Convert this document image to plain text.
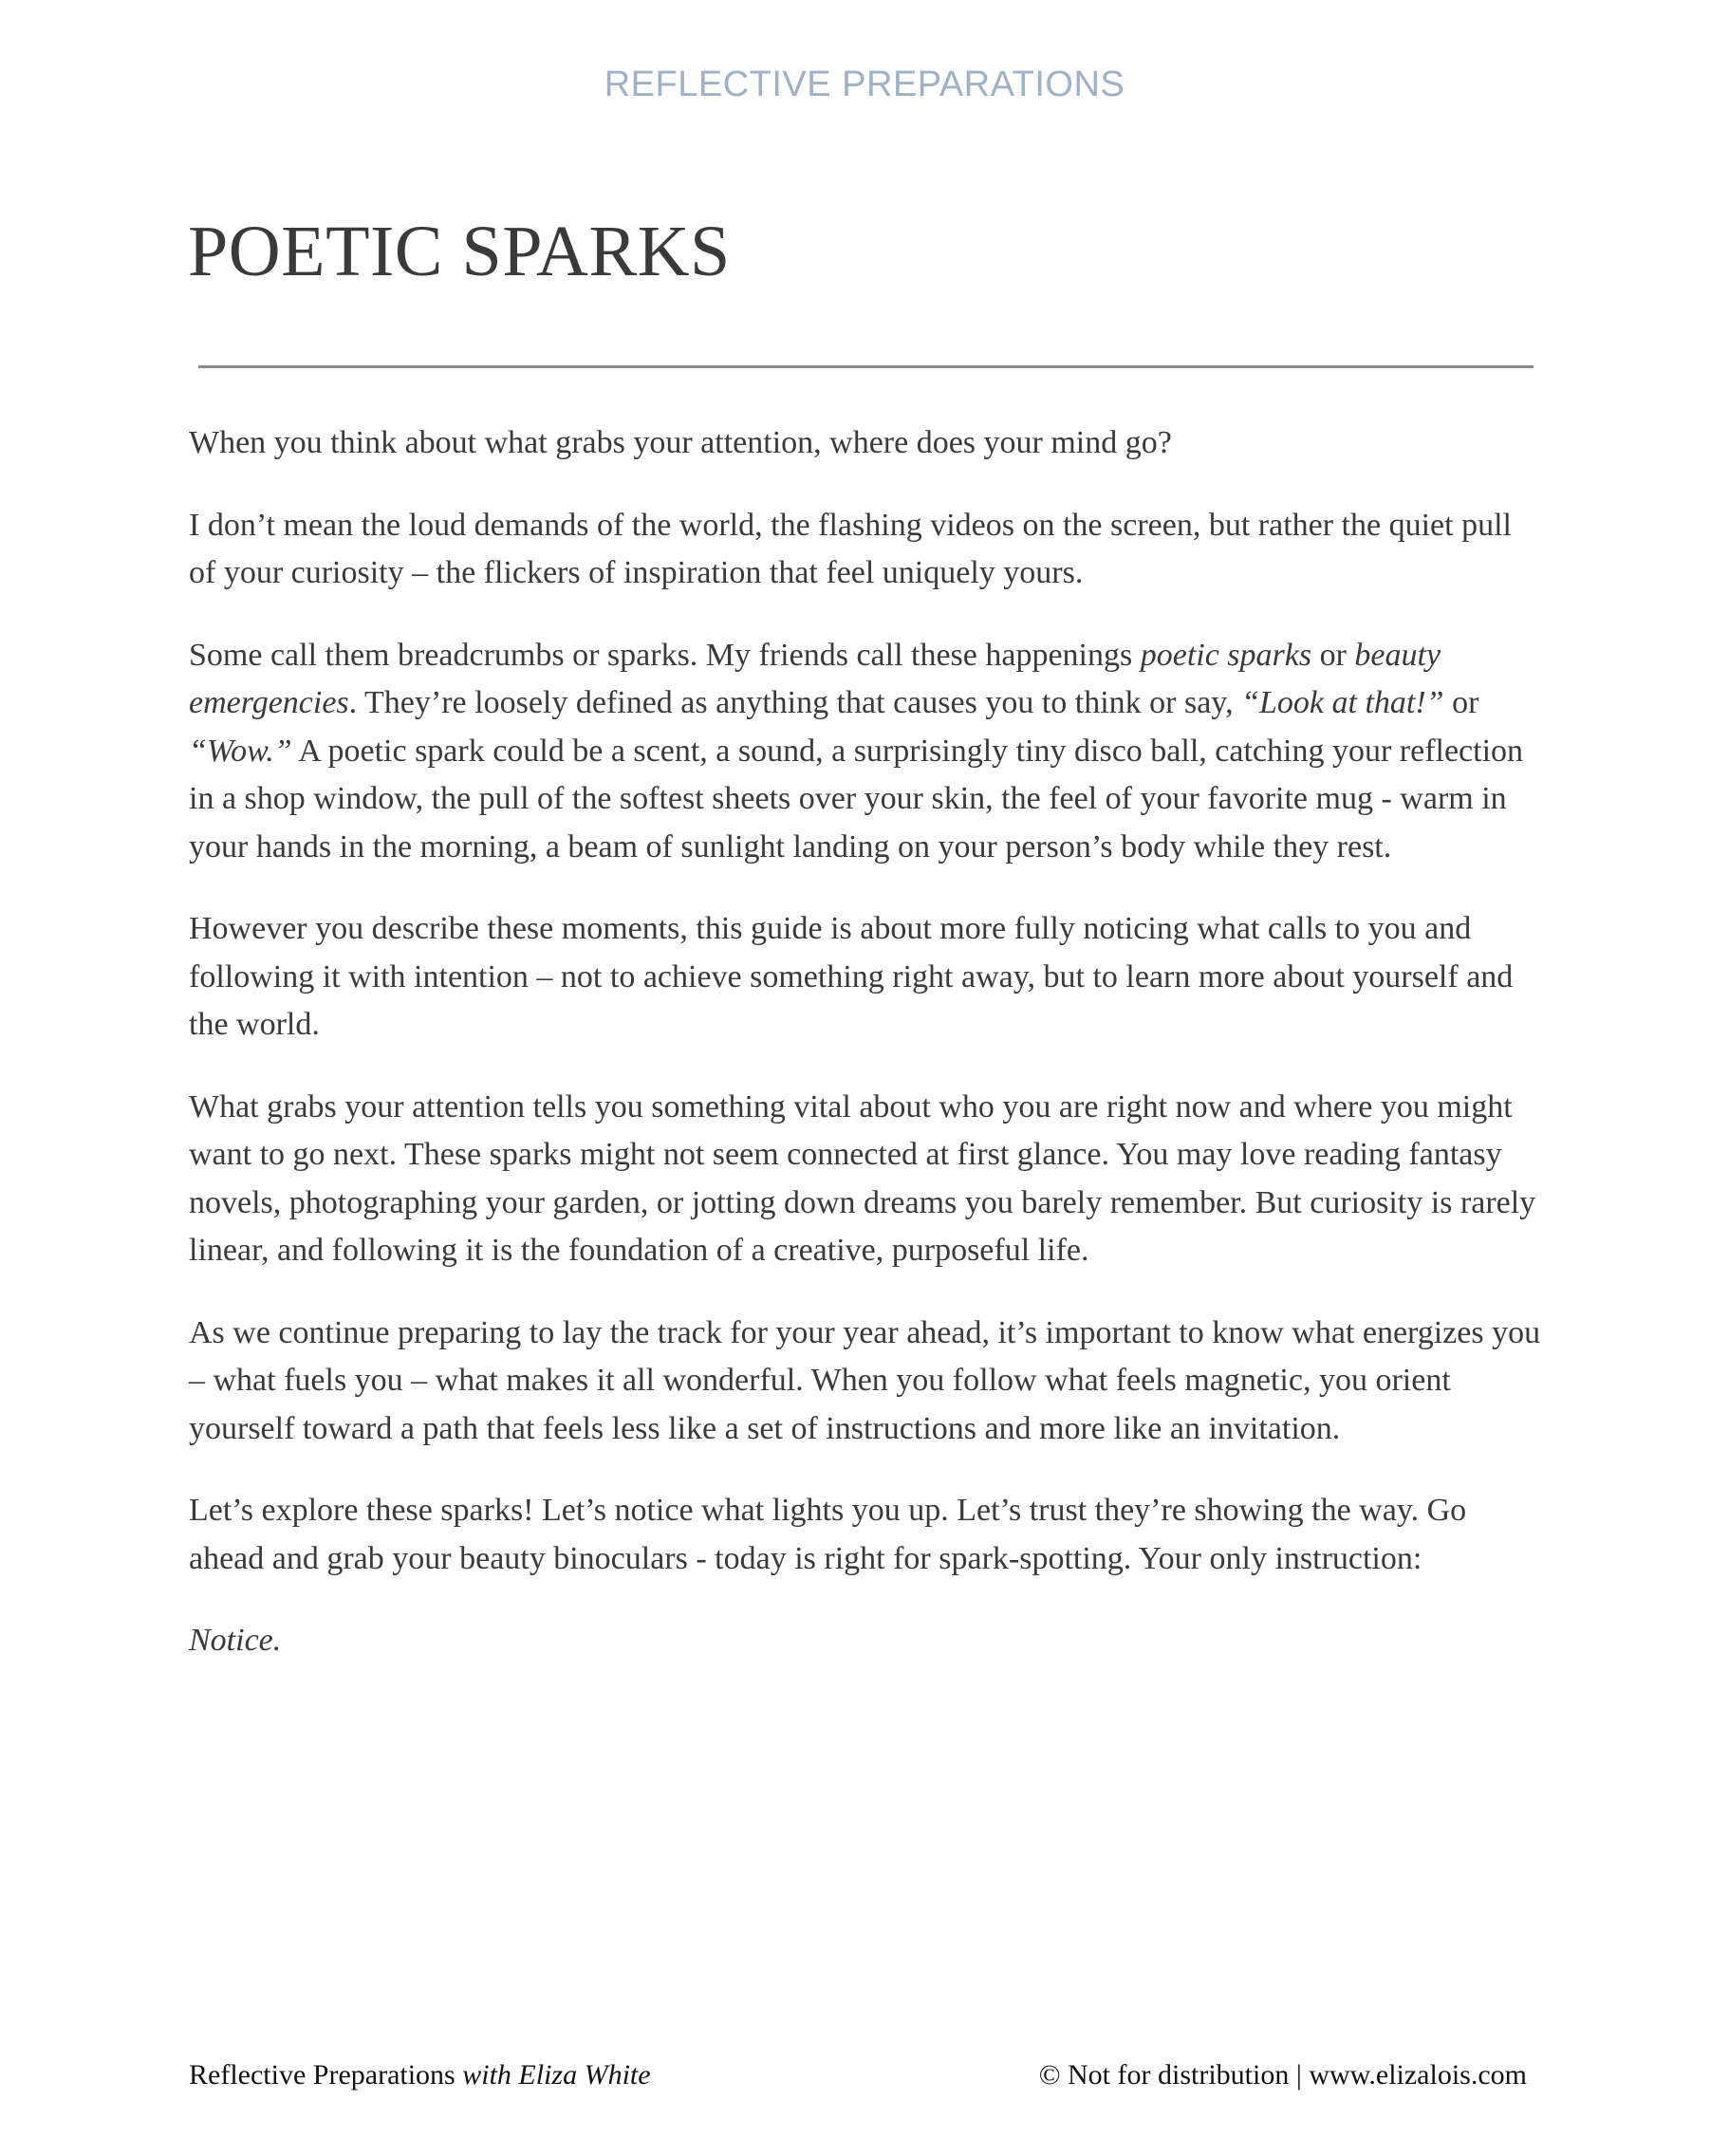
REFLECTIVE PREPARATIONS
POETIC SPARKS

When you think about what grabs your attention, where does your mind go?

I don’t mean the loud demands of the world, the flashing videos on the screen, but rather the quiet pull of your curiosity – the flickers of inspiration that feel uniquely yours.

Some call them breadcrumbs or sparks. My friends call these happenings poetic sparks or beauty emergencies. They’re loosely defined as anything that causes you to think or say, “Look at that!” or “Wow.” A poetic spark could be a scent, a sound, a surprisingly tiny disco ball, catching your reflection in a shop window, the pull of the softest sheets over your skin, the feel of your favorite mug - warm in your hands in the morning, a beam of sunlight landing on your person’s body while they rest.

However you describe these moments, this guide is about more fully noticing what calls to you and following it with intention – not to achieve something right away, but to learn more about yourself and the world.

What grabs your attention tells you something vital about who you are right now and where you might want to go next. These sparks might not seem connected at first glance. You may love reading fantasy novels, photographing your garden, or jotting down dreams you barely remember. But curiosity is rarely linear, and following it is the foundation of a creative, purposeful life.

As we continue preparing to lay the track for your year ahead, it’s important to know what energizes you – what fuels you – what makes it all wonderful. When you follow what feels magnetic, you orient yourself toward a path that feels less like a set of instructions and more like an invitation.

Let’s explore these sparks! Let’s notice what lights you up. Let’s trust they’re showing the way. Go ahead and grab your beauty binoculars - today is right for spark-spotting. Your only instruction:

Notice.

Reflective Preparations with Eliza White	© Not for distribution | www.elizalois.com
